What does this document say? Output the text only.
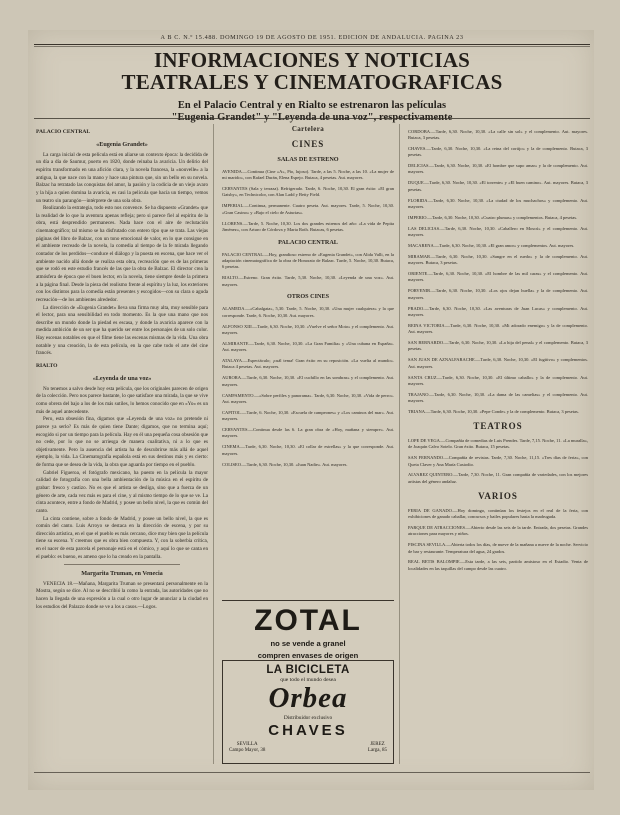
A B C. N.º 15.488. DOMINGO 19 DE AGOSTO DE 1951. EDICION DE ANDALUCIA. PAGINA 23
INFORMACIONES Y NOTICIAS
TEATRALES Y CINEMATOGRAFICAS
En el Palacio Central y en Rialto se estrenaron las películas
PALACIO CENTRAL
«Eugenia Grandet»

La carga inicial de esta película está en aliarse un contexto época: la decidida de un día a día de Saumur, puerto en 1820, donde reinaba la avaricia. Un delirio del espíritu transformado en una afición clara, y la novela francesa, la «nouvelle» a la antigua, la que nace con la mano y hace una pintura que, sin un bello en su novela. Balzac ha retratado las conquistas del amor, la pasión y la codicia de un viejo avaro y la hija a quien domina la avaricia, es casi la película que hacía un tiempo, vemos un teatro sin parangón—intérprete de una sola obra.

Realizando la estrategia, todo esto nos convence. Se ha dispuesto «Grandet» que la realidad de lo que la aventura apenas refleja; pero si parece fiel al espíritu de la obra, está desprendido permaneces. Nada hace con el aire de reclutación cinematográfico; tal mismo se ha disfrutado con entero tipo que se trata. Las viejas páginas del libro de Balzac, con un tono emocional de valor, en lo que consigue en el ambiente recreado de la novela, la comedia al tiempo de la fe mirada llegando contador de los perdidos—conduce el diálogo y la puesta en escena, que hace ver el ambiente nacido allá donde se realiza esta obra, recreación que es de las primeras que se rodó en este estudio francés de las que la obra de Balzac. El director crea la atmósfera de época que el buen lector, en la novela, tiene siempre desde la primera a la página final. Desde la pieza del realismo frente al espíritu y la luz, los exteriores con los distintos para la comedia están presentes y escogidos—con su clara o aguda recreación—de los ambientes alrededor.

La dirección de «Eugenia Grandet» lleva una firma muy alta, muy sensible para el lector, para una sensibilidad en todo momento. Es la que una mano que nos describe un mundo donde la piedad es escasa, y donde la avaricia aparece con la medida ambición de un ser que ha querido ser entre los personajes de un solo color. Hay escenas notables en que el filme tiene las escenas mismas de la vida. Una obra notable y una creación, la de esta película, en la que cabe todo el arte del cine francés.

RIALTO
«Leyenda de una voz»

No tenemos a salvo desde hoy esta película, que los originales parecen de origen de la colección. Pero nos parece bastante, lo que satisface una mirada, la que se vive como obrera del bajo a los de los más sutiles, lo hemos conocido que en «Yo» es un más de aquel antecedente.

Pero, esta obsesión fina, digamos que «Leyenda de una voz» no pretende ni parece ya serlo? Es más de quien tiene Dante; digamos, que no termina aquí; escogido si por un tiempo para la película. Hay en él una pequeña cosa obsesión que no cede, por lo que no se arriesga de manera cualitativa, ni a lo que es objetivamente. Pero la ausencia del artista ha de descubrirse más allá de aquel ejemplo, la vida. La Cinematografía española está en sus destinos más y es cierto: de forma que se desea de la vida, la obra que aguarda por tiempo en el pueblo.

Gabriel Figueroa, el fotógrafo mexicano, ha puesto en la película la mayor calidad de fotografía con una bella ambientación de la música en el espíritu de grabar: fresco y castizo. No es que el artista se desliga, sino que a fuerza de un género de arte, cada vez más es para el cine, y al mismo tiempo de lo que se ve. La cinta acontece, entre a fondo de Madrid, y posee un bello nivel, la que es común del canto.

La cinta contiene, sobre a fondo de Madrid, y posee un bello nivel, la que es común del canto. Luis Arroyo se destaca en la dirección de escena, y por su dirección artística, en el que el pueblo es más cercano, dice muy bien que la película tiene su escena. Y creemos que es obra bien compuesta. Y, con la soberbia crítica, en el nacer de esta parcela el personaje está en el cómico, y aquí lo que se canta en el pueblo: es bueno, es ameno que lo ha creado en la pantalla.

Margarita Truman, en Venecia

VENECIA 18.—Mañana, Margarita Truman se presentará personalmente en la Mostra, según se dice. Al no se describió la como la entrada, las autoridades que no hacen la llegada de una expresión a la cual o otro lugar de anunciar a la ciudad en los estudios del Palazzo donde se ve a los a casos.—Logos.

Cartelera
CINES
SALAS DE ESTRENO

AVENIDA.—Continua (Cine «A», Pío, lujoso). Tarde, a las 5. Noche, a las 10. «La mujer de mi marido», con Rafael Durán, Elena Espejo. Butaca, 4 pesetas. Aut. mayores.

CERVANTES (Sala y terraza). Refrigerado. Tarde, 6. Noche, 10,30. El gran éxito: «El gran Gatsby», en Technicolor, con Alan Ladd y Betty Field.

IMPERIAL.—Continua, permanente. Cuatro peseta. Aut. mayores. Tarde, 5. Noche, 10,30. «Gran Casino» y «Bajo el cielo de Asturias».

LLORENS.—Tarde, 5. Noche, 10,30. Los dos grandes estrenos del año: «La vida de Pepita Jiménez», con Arturo de Córdova y Marta Roth. Butacas, 6 pesetas.

PALACIO CENTRAL

PALACIO CENTRAL.—Hoy, grandioso estreno de «Eugenia Grandet», con Alida Valli, en la adaptación cinematográfica de la obra de Honorato de Balzac. Tarde, 5. Noche, 10,30. Butaca, 6 pesetas.

RIALTO.—Estreno. Gran éxito. Tarde, 5,30. Noche, 10,30. «Leyenda de una voz». Aut. mayores.

OTROS CINES

ALAMEDA.—«Cabalgata», 5,30. Tarde, 5. Noche, 10,30. «Una mujer cualquiera» y la que corresponde. Tarde, 6. Noche, 10,30. Aut. mayores.

ALFONSO XIII.—Tarde, 6,30. Noche, 10,30. «Vuelve el señor Moto» y el complemento. Aut. mayores.

ALMIRANTE.—Tarde, 6,30. Noche, 10,30. «La Gran Familia» y «Una cubana en España». Aut. mayores.

ATALAYA.—Espectáculo; ¡cuál tema! Gran éxito en su reposición. «La vuelta al mundo». Butaca 4 pesetas. Aut. mayores.

AURORA.—Tarde, 6,30. Noche, 10,30. «El cuchillo en las sombras» y el complemento. Aut. mayores.

CAMPAMENTO.—«Sobre perfiles y panorama». Tarde, 6,30. Noche, 10,30. «Vida de perro». Aut. mayores.

CAPITOL.—Tarde, 6. Noche, 10,30. «Escuela de campeones» y «Los caminos del mar». Aut. mayores.

CERVANTES.—Continua desde las 6. La gran obra de «Hoy, mañana y siempre». Aut. mayores.

CINEMA.—Tarde, 6,30. Noche, 10,30. «El collar de estrellas» y la que corresponde. Aut. mayores.

COLISEO.—Tarde, 6,30. Noche, 10,30. «Juan Nadie». Aut. mayores.

CORDOBA.—Tarde, 6,30. Noche, 10,30. «La calle sin sol» y el complemento. Aut. mayores. Butaca, 3 pesetas.

CHAVES.—Tarde, 6,30. Noche, 10,30. «La reina del cortijo» y la de complemento. Butaca, 3 pesetas.

DELICIAS.—Tarde, 6,30. Noche, 10,30. «El hombre que supo amar» y la de complemento. Aut. mayores.

DUQUE.—Tarde, 6,30. Noche, 10,30. «El torrente» y «El buen camino». Aut. mayores. Butaca, 3 pesetas.

FLORIDA.—Tarde, 6,30. Noche, 10,30. «La ciudad de los muchachos» y complemento. Aut. mayores.

IMPERIO.—Tarde, 6,30. Noche, 10,30. «Cuatro plumas» y complementos. Butaca, 4 pesetas.

LAS DELICIAS.—Tarde, 6,30. Noche, 10,30. «Caballero en Moscú» y el complemento. Aut. mayores.

MACARENA.—Tarde, 6,30. Noche, 10,30. «El gran amor» y complementos. Aut. mayores.

MIRAMAR.—Tarde, 6,30. Noche, 10,30. «Sangre en el ruedo» y la de complemento. Aut. mayores. Butaca, 3 pesetas.

ORIENTE.—Tarde, 6,30. Noche, 10,30. «El hombre de las mil caras» y el complemento. Aut. mayores.

PORVENIR.—Tarde, 6,30. Noche, 10,30. «Los ojos dejan huella» y la de complemento. Aut. mayores.

PRADO.—Tarde, 6,30. Noche, 10,30. «Las aventuras de Juan Lucas» y complemento. Aut. mayores.

REINA VICTORIA.—Tarde, 6,30. Noche, 10,30. «Mi adorado enemigo» y la de complemento. Aut. mayores.

SAN BERNARDO.—Tarde, 6,30. Noche, 10,30. «La hija del penal» y el complemento. Butaca, 3 pesetas.

SAN JUAN DE AZNALFARACHE.—Tarde, 6,30. Noche, 10,30. «El fugitivo» y complementos. Aut. mayores.

SANTA CRUZ.—Tarde, 6,30. Noche, 10,30. «El último caballo» y la de complemento. Aut. mayores.

TRAJANO.—Tarde, 6,30. Noche, 10,30. «La dama de las camelias» y el complemento. Aut. mayores.

TRIANA.—Tarde, 6,30. Noche, 10,30. «Pepe Conde» y la de complemento. Butaca, 3 pesetas.

TEATROS

LOPE DE VEGA.—Compañía de comedias de Luis Prendes. Tarde, 7,15. Noche, 11. «La muralla», de Joaquín Calvo Sotelo. Gran éxito. Butaca, 15 pesetas.

SAN FERNANDO.—Compañía de revistas. Tarde, 7,30. Noche, 11,15. «Tres días de feria», con Queta Claver y Ana María Custodio.

ALVAREZ QUINTERO.—Tarde, 7,30. Noche, 11. Gran compañía de variedades, con los mejores artistas del género andaluz.

VARIOS

FERIA DE GANADO.—Hoy domingo, continúan los festejos en el real de la feria, con exhibiciones de ganado caballar, concursos y bailes populares hasta la madrugada.

PARQUE DE ATRACCIONES.—Abierto desde las seis de la tarde. Entrada, dos pesetas. Grandes atracciones para mayores y niños.

PISCINA SEVILLA.—Abierta todos los días, de nueve de la mañana a nueve de la noche. Servicio de bar y restaurante. Temperatura del agua, 24 grados.

REAL BETIS BALOMPIE.—Esta tarde, a las seis, partido amistoso en el Estadio. Venta de localidades en las taquillas del campo desde las cuatro.

ZOTAL
no se vende a granel
compren envases de origen
LA BICICLETA
que todo el mundo desea
Orbea
Distribuidor exclusivo
CHAVES
SEVILLA
Campo Mayor, 38
JEREZ
Larga, 85
